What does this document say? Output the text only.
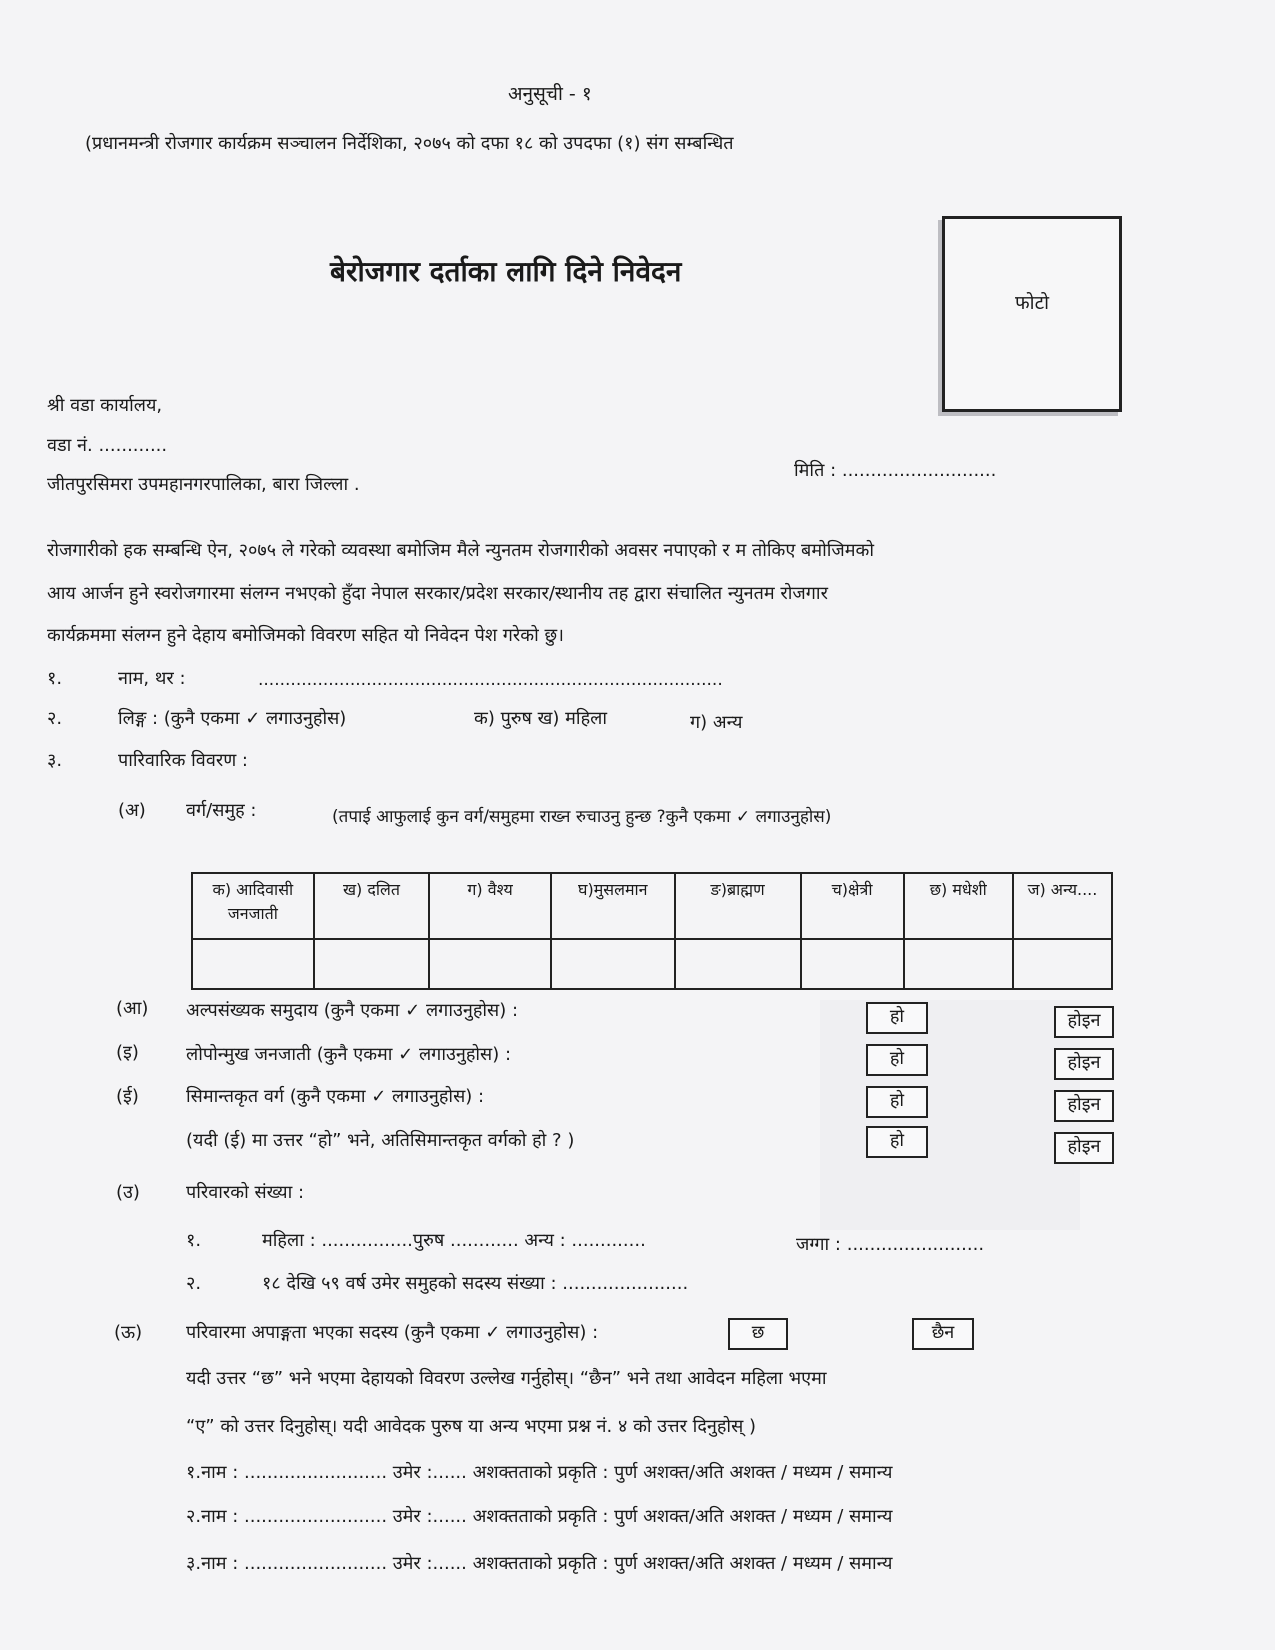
अनुसूची - १
(प्रधानमन्त्री रोजगार कार्यक्रम सञ्चालन निर्देशिका, २०७५ को दफा १८ को उपदफा (१) संग सम्बन्धित
बेरोजगार दर्ताका लागि दिने निवेदन
फोटो
श्री वडा कार्यालय,
वडा नं. ............
जीतपुरसिमरा उपमहानगरपालिका, बारा जिल्ला .
मिति : ...........................
रोजगारीको हक सम्बन्धि ऐन, २०७५ ले गरेको व्यवस्था बमोजिम मैले न्युनतम रोजगारीको अवसर नपाएको र म तोकिए बमोजिमको
आय आर्जन हुने स्वरोजगारमा संलग्न नभएको हुँदा नेपाल सरकार/प्रदेश सरकार/स्थानीय तह द्वारा संचालित न्युनतम रोजगार
कार्यक्रममा संलग्न हुने देहाय बमोजिमको विवरण सहित यो निवेदन पेश गरेको छु।
१.	नाम, थर :	......................................................................................
२.	लिङ्ग : (कुनै एकमा ✓ लगाउनुहोस)	क) पुरुष ख) महिला	ग) अन्य
३.	पारिवारिक विवरण :
(अ) वर्ग/समुह :	(तपाई आफुलाई कुन वर्ग/समुहमा राख्न रुचाउनु हुन्छ ?कुनै एकमा ✓ लगाउनुहोस)
क) आदिवासी जनजाती	ख) दलित	ग) वैश्य	घ)मुसलमान	ङ)ब्राह्मण	च)क्षेत्री	छ) मधेशी	ज) अन्य....

(आ) अल्पसंख्यक समुदाय (कुनै एकमा ✓ लगाउनुहोस) :	हो	होइन
(इ)	लोपोन्मुख जनजाती (कुनै एकमा ✓ लगाउनुहोस) :	हो	होइन
(ई)	सिमान्तकृत वर्ग (कुनै एकमा ✓ लगाउनुहोस) :	हो	होइन
(यदी (ई) मा उत्तर “हो” भने, अतिसिमान्तकृत वर्गको हो ? )	हो	होइन
(उ)	परिवारको संख्या :
१.	महिला : ................पुरुष ............ अन्य : .............	जग्गा : ........................
२.	१८ देखि ५९ वर्ष उमेर समुहको सदस्य संख्या : ......................
(ऊ) परिवारमा अपाङ्गता भएका सदस्य (कुनै एकमा ✓ लगाउनुहोस) :	छ	छैन
यदी उत्तर “छ” भने भएमा देहायको विवरण उल्लेख गर्नुहोस्। “छैन” भने तथा आवेदन महिला भएमा
“ए” को उत्तर दिनुहोस्। यदी आवेदक पुरुष या अन्य भएमा प्रश्न नं. ४ को उत्तर दिनुहोस् )
१.नाम : ......................... उमेर :...... अशक्तताको प्रकृति : पुर्ण अशक्त/अति अशक्त / मध्यम / समान्य
२.नाम : ......................... उमेर :...... अशक्तताको प्रकृति : पुर्ण अशक्त/अति अशक्त / मध्यम / समान्य
३.नाम : ......................... उमेर :...... अशक्तताको प्रकृति : पुर्ण अशक्त/अति अशक्त / मध्यम / समान्य
